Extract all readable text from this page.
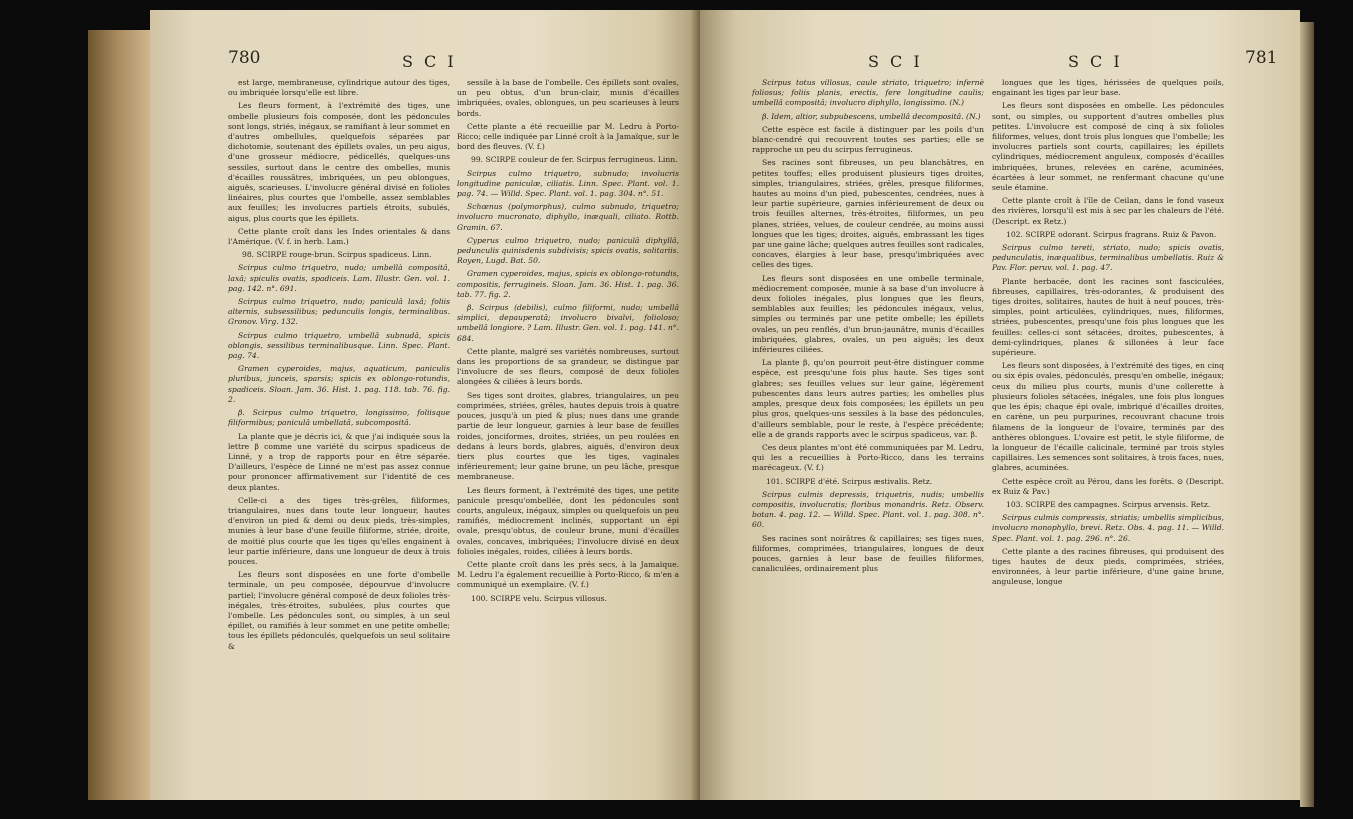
780	S C I

est large, membraneuse, cylindrique autour des tiges, ou imbriquée lorsqu'elle est libre.

Les fleurs forment, à l'extrémité des tiges, une ombelle plusieurs fois composée, dont les pédoncules sont longs, striés, inégaux, se ramifiant à leur sommet en d'autres ombellules, quelquefois séparées par dichotomie, soutenant des épillets ovales, un peu aigus, d'une grosseur médiocre, pédicellés, quelques-uns sessiles, surtout dans le centre des ombelles, munis d'écailles roussâtres, imbriquées, un peu oblongues, aiguës, scarieuses. L'involucre général divisé en folioles linéaires, plus courtes que l'ombelle, assez semblables aux feuilles; les involucres partiels étroits, subulés, aigus, plus courts que les épillets.

Cette plante croît dans les Indes orientales & dans l'Amérique. (V. f. in herb. Lam.)

98. SCIRPE rouge-brun. Scirpus spadiceus. Linn.

Scirpus culmo triquetro, nudo; umbellà compositâ, laxâ; spiculis ovatis, spadiceis. Lam. Illustr. Gen. vol. 1. pag. 142. n°. 691.

Scirpus culmo triquetro, nudo; paniculâ laxâ; foliis alternis, subsessilibus; pedunculis longis, terminalibus. Gronov. Virg. 132.

Scirpus culmo triquetro, umbellâ subnudâ, spicis oblongis, sessilibus terminalibusque. Linn. Spec. Plant. pag. 74.

Gramen cyperoides, majus, aquaticum, paniculis pluribus, junceis, sparsis; spicis ex oblongo-rotundis, spadiceis. Sloan. Jam. 36. Hist. 1. pag. 118. tab. 76. fig. 2.

β. Scirpus culmo triquetro, longissimo, foliisque filiformibus; paniculâ umbellatâ, subcompositâ.

La plante que je décris ici, & que j'ai indiquée sous la lettre β comme une variété du scirpus spadiceus de Linné, y a trop de rapports pour en être séparée. D'ailleurs, l'espèce de Linné ne m'est pas assez connue pour prononcer affirmativement sur l'identité de ces deux plantes.

Celle-ci a des tiges très-grêles, filiformes, triangulaires, nues dans toute leur longueur, hautes d'environ un pied & demi ou deux pieds, très-simples, munies à leur base d'une feuille filiforme, striée, droite, de moitié plus courte que les tiges qu'elles engainent à leur partie inférieure, dans une longueur de deux à trois pouces.

Les fleurs sont disposées en une forte d'ombelle terminale, un peu composée, dépourvue d'involucre partiel; l'involucre général composé de deux folioles très-inégales, très-étroites, subulées, plus courtes que l'ombelle. Les pédoncules sont, ou simples, à un seul épillet, ou ramifiés à leur sommet en une petite ombelle; tous les épillets pédonculés, quelquefois un seul solitaire &

sessile à la base de l'ombelle. Ces épillets sont ovales, un peu obtus, d'un brun-clair, munis d'écailles imbriquées, ovales, oblongues, un peu scarieuses à leurs bords.

Cette plante a été recueillie par M. Ledru à Porto-Ricco; celle indiquée par Linné croît à la Jamaïque, sur le bord des fleuves. (V. f.)

99. SCIRPE couleur de fer. Scirpus ferrugineus. Linn.

Scirpus culmo triquetro, subnudo; involucris longitudine paniculæ, ciliatis. Linn. Spec. Plant. vol. 1. pag. 74. — Willd. Spec. Plant. vol. 1. pag. 304. n°. 51.

Schœnus (polymorphus), culmo subnudo, triquetro; involucro mucronato, diphyllo, inæquali, ciliato. Rottb. Gramin. 67.

Cyperus culmo triquetro, nudo; paniculâ diphyllâ, pedunculis quinisdenis subdivisis; spicis ovatis, solitariis. Royen, Lugd. Bat. 50.

Gramen cyperoides, majus, spicis ex oblongo-rotundis, compositis, ferrugineis. Sloan. Jam. 36. Hist. 1. pag. 36. tab. 77. fig. 2.

β. Scirpus (debilis), culmo filiformi, nudo; umbellâ simplici, depauperatâ; involucro bivalvi, folioloso; umbellâ longiore. ? Lam. Illustr. Gen. vol. 1. pag. 141. n°. 684.

Cette plante, malgré ses variétés nombreuses, surtout dans les proportions de sa grandeur, se distingue par l'involucre de ses fleurs, composé de deux folioles alongées & ciliées à leurs bords.

Ses tiges sont droites, glabres, triangulaires, un peu comprimées, striées, grêles, hautes depuis trois à quatre pouces, jusqu'à un pied & plus; nues dans une grande partie de leur longueur, garnies à leur base de feuilles roides, jonciformes, droites, striées, un peu roulées en dedans à leurs bords, glabres, aiguës, d'environ deux tiers plus courtes que les tiges, vaginales inférieurement; leur gaine brune, un peu lâche, presque membraneuse.

Les fleurs forment, à l'extrémité des tiges, une petite panicule presqu'ombellée, dont les pédoncules sont courts, anguleux, inégaux, simples ou quelquefois un peu ramifiés, médiocrement inclinés, supportant un épi ovale, presqu'obtus, de couleur brune, muni d'écailles ovales, concaves, imbriquées; l'involucre divisé en deux folioles inégales, roides, ciliées à leurs bords.

Cette plante croît dans les prés secs, à la Jamaïque. M. Ledru l'a également recueillie à Porto-Ricco, & m'en a communiqué un exemplaire. (V. f.)

100. SCIRPE velu. Scirpus villosus.

S C I	S C I	781

Scirpus totus villosus, caule striato, triquetro; infernè foliosus; foliis planis, erectis, fere longitudine caulis; umbellâ compositâ; involucro diphyllo, longissimo. (N.)

β. Idem, altior, subpubescens, umbellâ decompositâ. (N.)

Cette espèce est facile à distinguer par les poils d'un blanc-cendré qui recouvrent toutes ses parties; elle se rapproche un peu du scirpus ferrugineus.

Ses racines sont fibreuses, un peu blanchâtres, en petites touffes; elles produisent plusieurs tiges droites, simples, triangulaires, striées, grêles, presque filiformes, hautes au moins d'un pied, pubescentes, cendrées, nues à leur partie supérieure, garnies inférieurement de deux ou trois feuilles alternes, très-étroites, filiformes, un peu planes, striées, velues, de couleur cendrée, au moins aussi longues que les tiges; droites, aiguës, embrassant les tiges par une gaine lâche; quelques autres feuilles sont radicales, concaves, élargies à leur base, presqu'imbriquées avec celles des tiges.

Les fleurs sont disposées en une ombelle terminale, médiocrement composée, munie à sa base d'un involucre à deux folioles inégales, plus longues que les fleurs, semblables aux feuilles; les pédoncules inégaux, velus, simples ou terminés par une petite ombelle; les épillets ovales, un peu renflés, d'un brun-jaunâtre, munis d'écailles imbriquées, glabres, ovales, un peu aiguës; les deux inférieures ciliées.

La plante β, qu'on pourroit peut-être distinguer comme espèce, est presqu'une fois plus haute. Ses tiges sont glabres; ses feuilles velues sur leur gaine, légèrement pubescentes dans leurs autres parties; les ombelles plus amples, presque deux fois composées; les épillets un peu plus gros, quelques-uns sessiles à la base des pédoncules, d'ailleurs semblable, pour le reste, à l'espèce précédente; elle a de grands rapports avec le scirpus spadiceus, var. β.

Ces deux plantes m'ont été communiquées par M. Ledru, qui les a recueillies à Porto-Ricco, dans les terrains marécageux. (V. f.)

101. SCIRPE d'été. Scirpus æstivalis. Retz.

Scirpus culmis depressis, triquetris, nudis; umbellis compositis, involucratis; floribus monandris. Retz. Observ. botan. 4. pag. 12. — Willd. Spec. Plant. vol. 1. pag. 308. n°. 60.

Ses racines sont noirâtres & capillaires; ses tiges nues, filiformes, comprimées, triangulaires, longues de deux pouces, garnies à leur base de feuilles filiformes, canaliculées, ordinairement plus

longues que les tiges, hérissées de quelques poils, engainant les tiges par leur base.

Les fleurs sont disposées en ombelle. Les pédoncules sont, ou simples, ou supportent d'autres ombelles plus petites. L'involucre est composé de cinq à six folioles filiformes, velues, dont trois plus longues que l'ombelle; les involucres partiels sont courts, capillaires; les épillets cylindriques, médiocrement anguleux, composés d'écailles imbriquées, brunes, relevées en carène, acuminées, écartées à leur sommet, ne renfermant chacune qu'une seule étamine.

Cette plante croît à l'île de Ceilan, dans le fond vaseux des rivières, lorsqu'il est mis à sec par les chaleurs de l'été. (Descript. ex Retz.)

102. SCIRPE odorant. Scirpus fragrans. Ruiz & Pavon.

Scirpus culmo tereti, striato, nudo; spicis ovatis, pedunculatis, inæqualibus, terminalibus umbellatis. Ruiz & Pav. Flor. peruv. vol. 1. pag. 47.

Plante herbacée, dont les racines sont fasciculées, fibreuses, capillaires, très-odorantes, & produisent des tiges droites, solitaires, hautes de huit à neuf pouces, très-simples, point articulées, cylindriques, nues, filiformes, striées, pubescentes, presqu'une fois plus longues que les feuilles: celles-ci sont sétacées, droites, pubescentes, à demi-cylindriques, planes & sillonées à leur face supérieure.

Les fleurs sont disposées, à l'extrémité des tiges, en cinq ou six épis ovales, pédonculés, presqu'en ombelle, inégaux; ceux du milieu plus courts, munis d'une collerette à plusieurs folioles sétacées, inégales, une fois plus longues que les épis; chaque épi ovale, imbriqué d'écailles droites, en carène, un peu purpurines, recouvrant chacune trois filamens de la longueur de l'ovaire, terminés par des anthères oblongues. L'ovaire est petit, le style filiforme, de la longueur de l'écaille calicinale, terminé par trois styles capillaires. Les semences sont solitaires, à trois faces, nues, glabres, acuminées.

Cette espèce croît au Pérou, dans les forêts. ⊙ (Descript. ex Ruiz & Pav.)

103. SCIRPE des campagnes. Scirpus arvensis. Retz.

Scirpus culmis compressis, striatis; umbellis simplicibus, involucro monophyllo, brevi. Retz. Obs. 4. pag. 11. — Willd. Spec. Plant. vol. 1. pag. 296. n°. 26.

Cette plante a des racines fibreuses, qui produisent des tiges hautes de deux pieds, comprimées, striées, environnées, à leur partie inférieure, d'une gaine brune, anguleuse, longue
